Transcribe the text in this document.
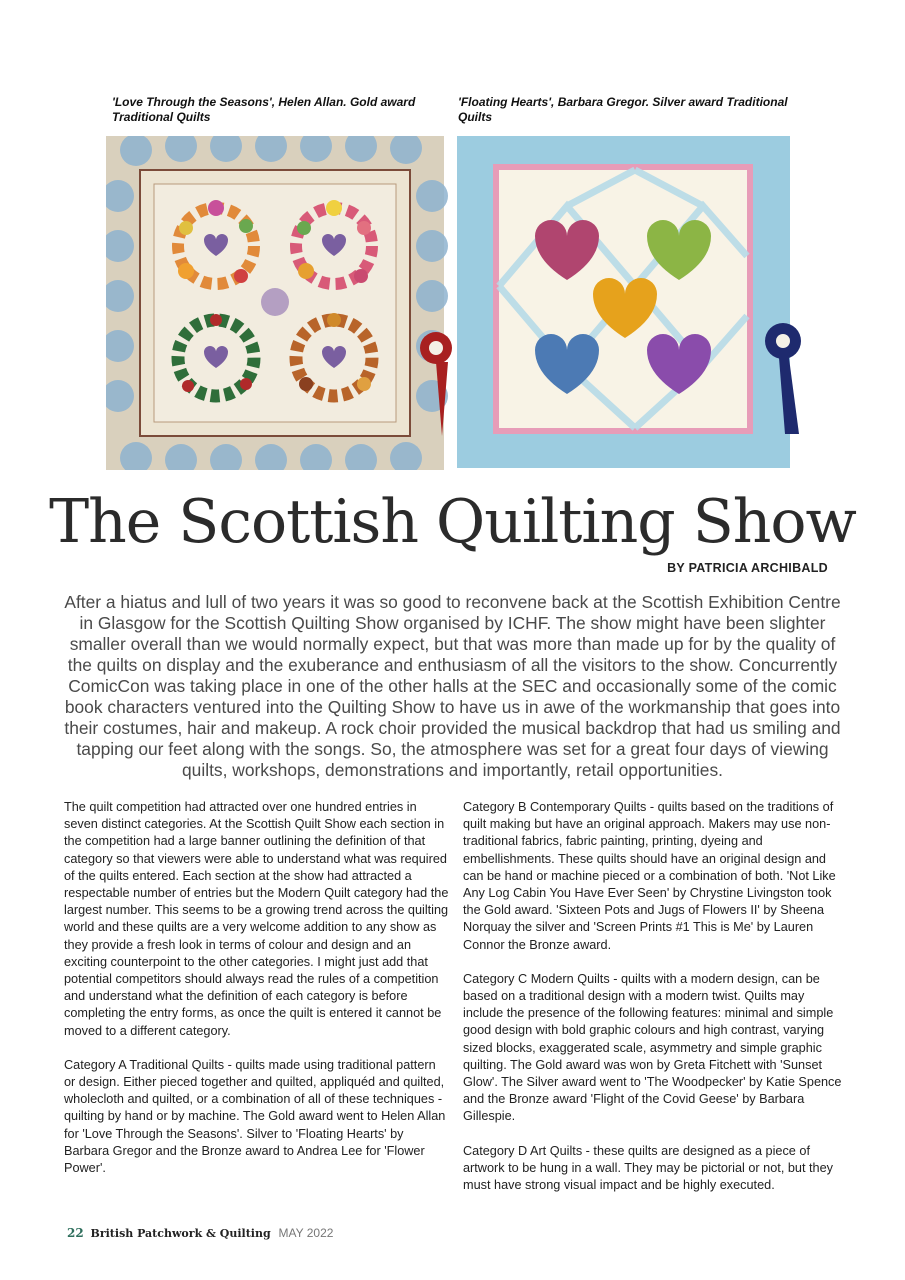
'Love Through the Seasons', Helen Allan. Gold award Traditional Quilts
'Floating Hearts', Barbara Gregor. Silver award Traditional Quilts
The Scottish Quilting Show
BY PATRICIA ARCHIBALD
After a hiatus and lull of two years it was so good to reconvene back at the Scottish Exhibition Centre in Glasgow for the Scottish Quilting Show organised by ICHF. The show might have been slighter smaller overall than we would normally expect, but that was more than made up for by the quality of the quilts on display and the exuberance and enthusiasm of all the visitors to the show. Concurrently ComicCon was taking place in one of the other halls at the SEC and occasionally some of the comic book characters ventured into the Quilting Show to have us in awe of the workmanship that goes into their costumes, hair and makeup. A rock choir provided the musical backdrop that had us smiling and tapping our feet along with the songs. So, the atmosphere was set for a great four days of viewing quilts, workshops, demonstrations and importantly, retail opportunities.

The quilt competition had attracted over one hundred entries in seven distinct categories. At the Scottish Quilt Show each section in the competition had a large banner outlining the definition of that category so that viewers were able to understand what was required of the quilts entered. Each section at the show had attracted a respectable number of entries but the Modern Quilt category had the largest number. This seems to be a growing trend across the quilting world and these quilts are a very welcome addition to any show as they provide a fresh look in terms of colour and design and an exciting counterpoint to the other categories. I might just add that potential competitors should always read the rules of a competition and understand what the definition of each category is before completing the entry forms, as once the quilt is entered it cannot be moved to a different category.

Category A Traditional Quilts - quilts made using traditional pattern or design. Either pieced together and quilted, appliquéd and quilted, wholecloth and quilted, or a combination of all of these techniques - quilting by hand or by machine. The Gold award went to Helen Allan for 'Love Through the Seasons'. Silver to 'Floating Hearts' by Barbara Gregor and the Bronze award to Andrea Lee for 'Flower Power'.

Category B Contemporary Quilts - quilts based on the traditions of quilt making but have an original approach. Makers may use non-traditional fabrics, fabric painting, printing, dyeing and embellishments. These quilts should have an original design and can be hand or machine pieced or a combination of both. 'Not Like Any Log Cabin You Have Ever Seen' by Chrystine Livingston took the Gold award. 'Sixteen Pots and Jugs of Flowers II' by Sheena Norquay the silver and 'Screen Prints #1 This is Me' by Lauren Connor the Bronze award.

Category C Modern Quilts - quilts with a modern design, can be based on a traditional design with a modern twist. Quilts may include the presence of the following features: minimal and simple good design with bold graphic colours and high contrast, varying sized blocks, exaggerated scale, asymmetry and simple graphic quilting. The Gold award was won by Greta Fitchett with 'Sunset Glow'. The Silver award went to 'The Woodpecker' by Katie Spence and the Bronze award 'Flight of the Covid Geese' by Barbara Gillespie.

Category D Art Quilts - these quilts are designed as a piece of artwork to be hung in a wall. They may be pictorial or not, but they must have strong visual impact and be highly executed.

22 British Patchwork & Quilting MAY 2022
